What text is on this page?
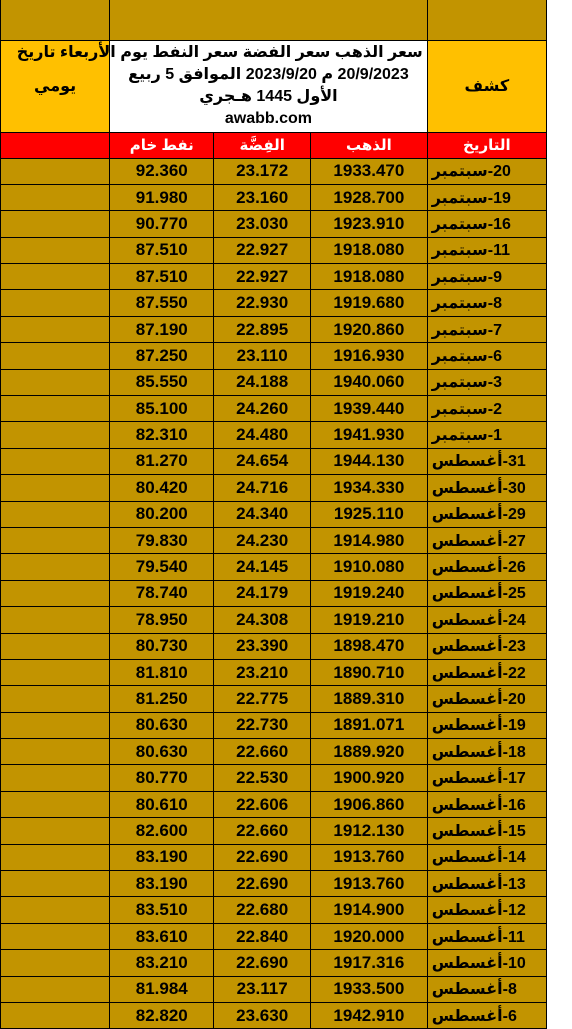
يومي	سعر الذهب سعر الفضة سعر النفط يوم الأربعاء تاريخ
20/9/2023 م 2023/9/20 الموافق 5 ربيع
الأول 1445 هـجري
awabb.com			كشف
	نفط خام	الفِضَّة	الذهب	التاريخ
	92.360	23.172	1933.470	20-سبتمبر
	91.980	23.160	1928.700	19-سبتمبر
	90.770	23.030	1923.910	16-سبتمبر
	87.510	22.927	1918.080	11-سبتمبر
	87.510	22.927	1918.080	9-سبتمبر
	87.550	22.930	1919.680	8-سبتمبر
	87.190	22.895	1920.860	7-سبتمبر
	87.250	23.110	1916.930	6-سبتمبر
	85.550	24.188	1940.060	3-سبتمبر
	85.100	24.260	1939.440	2-سبتمبر
	82.310	24.480	1941.930	1-سبتمبر
	81.270	24.654	1944.130	31-أغسطس
	80.420	24.716	1934.330	30-أغسطس
	80.200	24.340	1925.110	29-أغسطس
	79.830	24.230	1914.980	27-أغسطس
	79.540	24.145	1910.080	26-أغسطس
	78.740	24.179	1919.240	25-أغسطس
	78.950	24.308	1919.210	24-أغسطس
	80.730	23.390	1898.470	23-أغسطس
	81.810	23.210	1890.710	22-أغسطس
	81.250	22.775	1889.310	20-أغسطس
	80.630	22.730	1891.071	19-أغسطس
	80.630	22.660	1889.920	18-أغسطس
	80.770	22.530	1900.920	17-أغسطس
	80.610	22.606	1906.860	16-أغسطس
	82.600	22.660	1912.130	15-أغسطس
	83.190	22.690	1913.760	14-أغسطس
	83.190	22.690	1913.760	13-أغسطس
	83.510	22.680	1914.900	12-أغسطس
	83.610	22.840	1920.000	11-أغسطس
	83.210	22.690	1917.316	10-أغسطس
	81.984	23.117	1933.500	8-أغسطس
	82.820	23.630	1942.910	6-أغسطس
